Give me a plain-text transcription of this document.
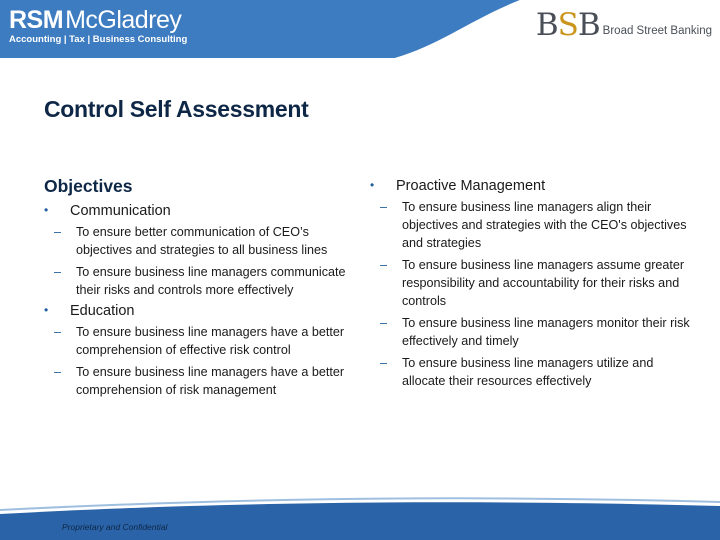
RSMMcGladrey
Accounting | Tax | Business Consulting	BSB Broad Street Banking
Control Self Assessment
Objectives
• Communication
– To ensure better communication of CEO’s objectives and strategies to all business lines
– To ensure business line managers communicate their risks and controls more effectively
• Education
– To ensure business line managers have a better comprehension of effective risk control
– To ensure business line managers have a better comprehension of risk management
• Proactive Management
– To ensure business line managers align their objectives and strategies with the CEO's objectives and strategies
– To ensure business line managers assume greater responsibility and accountability for their risks and controls
– To ensure business line managers monitor their risk effectively and timely
– To ensure business line managers utilize and allocate their resources effectively
Proprietary and Confidential
